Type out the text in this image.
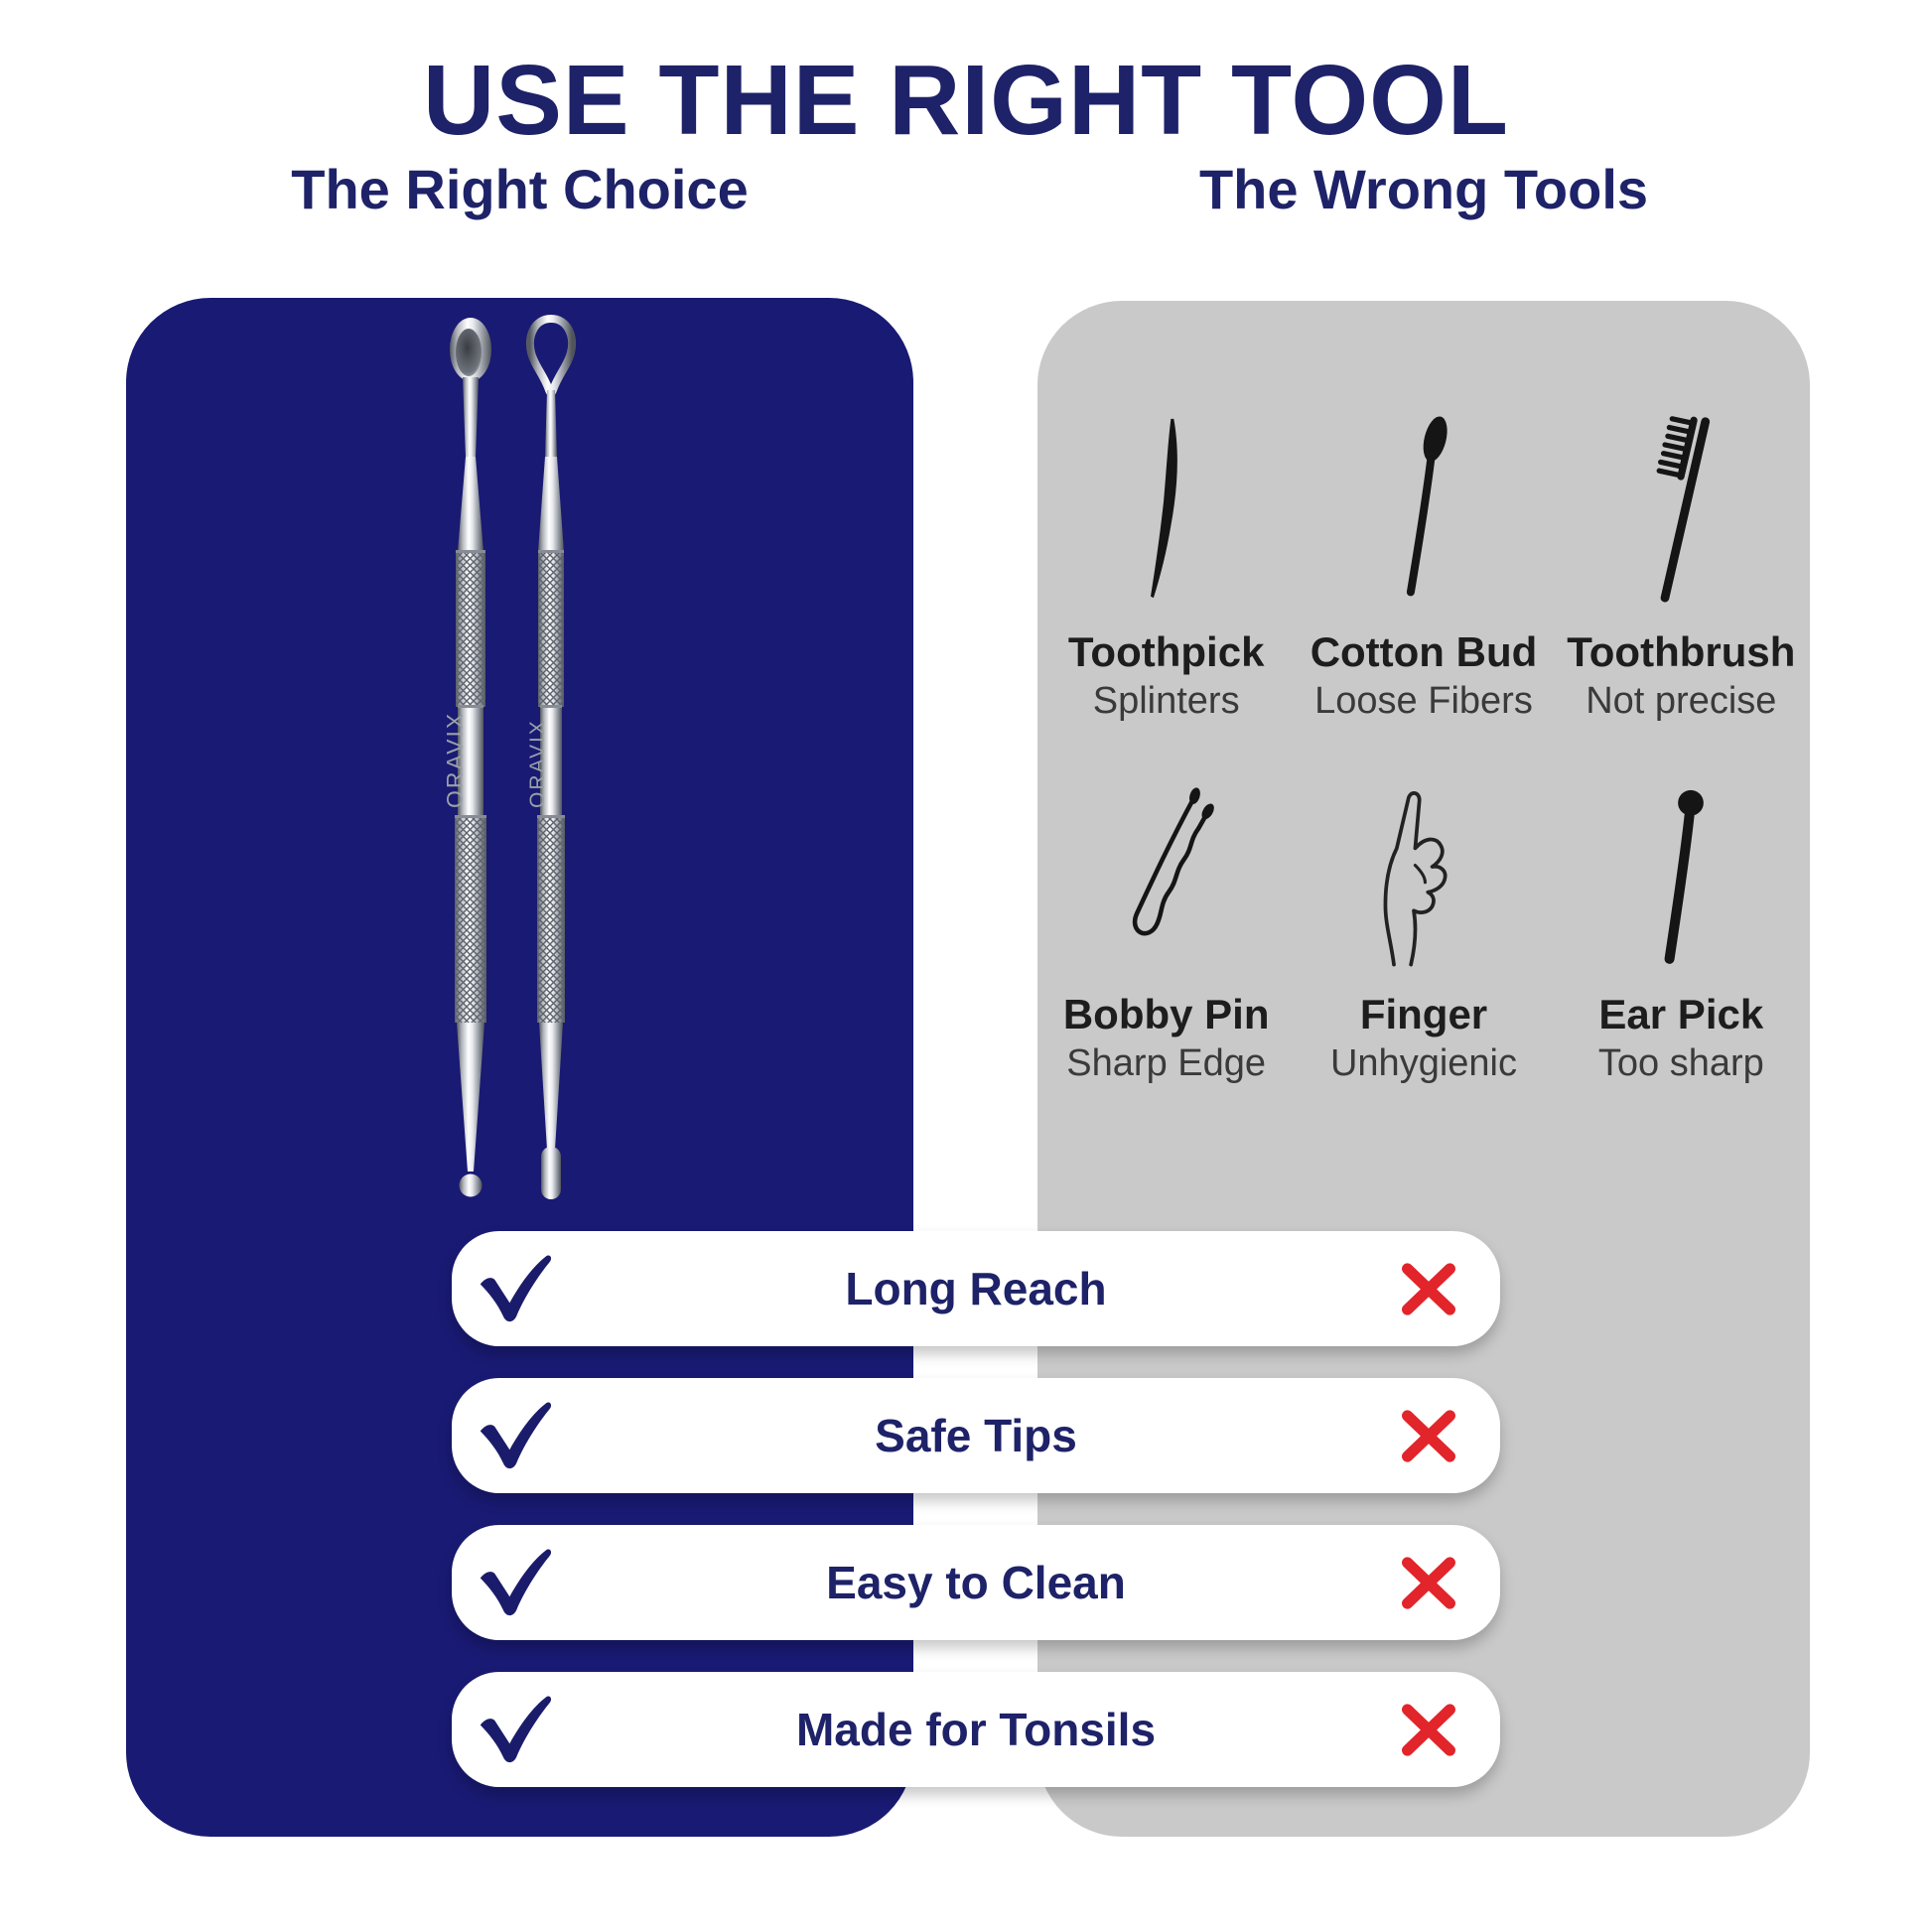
USE THE RIGHT TOOL
The Right Choice	The Wrong Tools
ORAVIX	ORAVIX
Toothpick
Splinters
Cotton Bud
Loose Fibers
Toothbrush
Not precise
Bobby Pin
Sharp Edge
Finger
Unhygienic
Ear Pick
Too sharp
Long Reach
Safe Tips
Easy to Clean
Made for Tonsils
